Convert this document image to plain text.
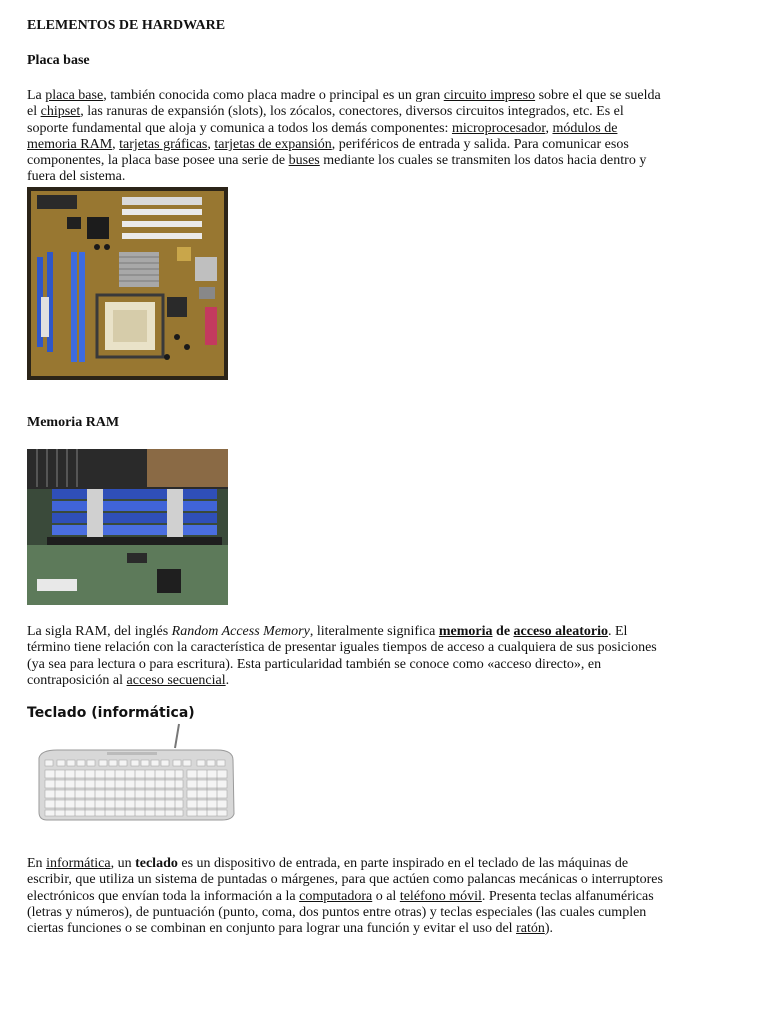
ELEMENTOS DE HARDWARE
Placa base

La placa base, también conocida como placa madre o principal es un gran circuito impreso sobre el que se suelda el chipset, las ranuras de expansión (slots), los zócalos, conectores, diversos circuitos integrados, etc. Es el soporte fundamental que aloja y comunica a todos los demás componentes: microprocesador, módulos de memoria RAM, tarjetas gráficas, tarjetas de expansión, periféricos de entrada y salida. Para comunicar esos componentes, la placa base posee una serie de buses mediante los cuales se transmiten los datos hacia dentro y fuera del sistema.

Memoria RAM

La sigla RAM, del inglés Random Access Memory, literalmente significa memoria de acceso aleatorio. El término tiene relación con la característica de presentar iguales tiempos de acceso a cualquiera de sus posiciones (ya sea para lectura o para escritura). Esta particularidad también se conoce como «acceso directo», en contraposición al acceso secuencial.

Teclado (informática)

En informática, un teclado es un dispositivo de entrada, en parte inspirado en el teclado de las máquinas de escribir, que utiliza un sistema de puntadas o márgenes, para que actúen como palancas mecánicas o interruptores electrónicos que envían toda la información a la computadora o al teléfono móvil. Presenta teclas alfanuméricas (letras y números), de puntuación (punto, coma, dos puntos entre otras) y teclas especiales (las cuales cumplen ciertas funciones o se combinan en conjunto para lograr una función y evitar el uso del ratón).
